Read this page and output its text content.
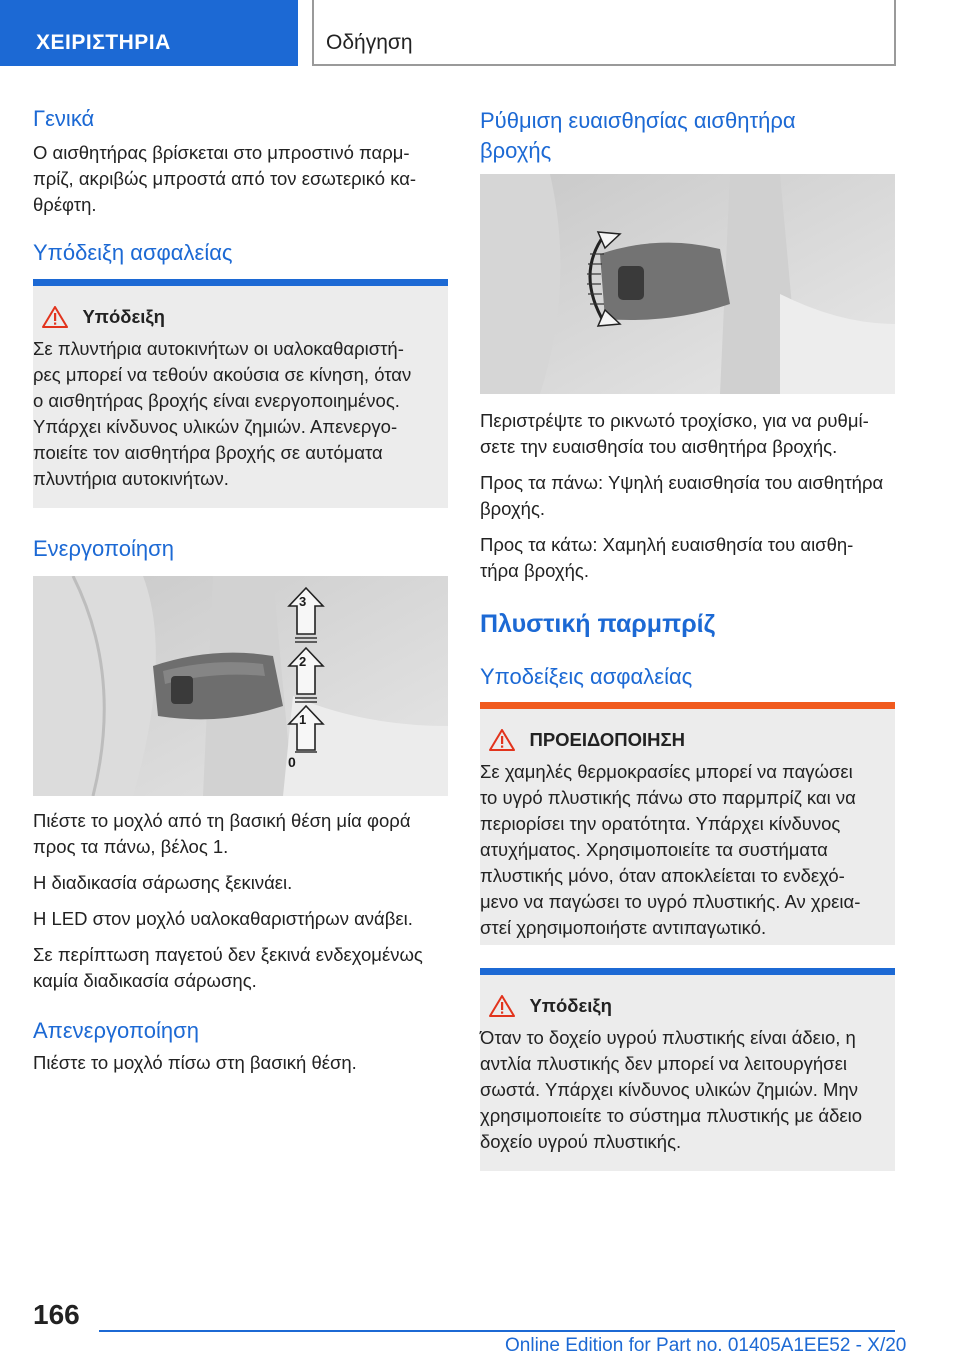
ΧΕΙΡΙΣΤΗΡΙΑ	Οδήγηση
Γενικά
Ο αισθητήρας βρίσκεται στο μπροστινό παρμ-
πρίζ, ακριβώς μπροστά από τον εσωτερικό κα-
θρέφτη.
Υπόδειξη ασφαλείας
Υπόδειξη
Σε πλυντήρια αυτοκινήτων οι υαλοκαθαριστή-
ρες μπορεί να τεθούν ακούσια σε κίνηση, όταν
ο αισθητήρας βροχής είναι ενεργοποιημένος.
Υπάρχει κίνδυνος υλικών ζημιών. Απενεργο-
ποιείτε τον αισθητήρα βροχής σε αυτόματα
πλυντήρια αυτοκινήτων.
Ενεργοποίηση
3
2
1
0
Πιέστε το μοχλό από τη βασική θέση μία φορά
προς τα πάνω, βέλος 1.
Η διαδικασία σάρωσης ξεκινάει.
Η LED στον μοχλό υαλοκαθαριστήρων ανάβει.
Σε περίπτωση παγετού δεν ξεκινά ενδεχομένως
καμία διαδικασία σάρωσης.
Απενεργοποίηση
Πιέστε το μοχλό πίσω στη βασική θέση.
Ρύθμιση ευαισθησίας αισθητήρα
βροχής
Περιστρέψτε το ρικνωτό τροχίσκο, για να ρυθμί-
σετε την ευαισθησία του αισθητήρα βροχής.
Προς τα πάνω: Υψηλή ευαισθησία του αισθητήρα
βροχής.
Προς τα κάτω: Χαμηλή ευαισθησία του αισθη-
τήρα βροχής.
Πλυστική παρμπρίζ
Υποδείξεις ασφαλείας
ΠΡΟΕΙΔΟΠΟΙΗΣΗ
Σε χαμηλές θερμοκρασίες μπορεί να παγώσει
το υγρό πλυστικής πάνω στο παρμπρίζ και να
περιορίσει την ορατότητα. Υπάρχει κίνδυνος
ατυχήματος. Χρησιμοποιείτε τα συστήματα
πλυστικής μόνο, όταν αποκλείεται το ενδεχό-
μενο να παγώσει το υγρό πλυστικής. Αν χρεια-
στεί χρησιμοποιήστε αντιπαγωτικό.
Υπόδειξη
Όταν το δοχείο υγρού πλυστικής είναι άδειο, η
αντλία πλυστικής δεν μπορεί να λειτουργήσει
σωστά. Υπάρχει κίνδυνος υλικών ζημιών. Μην
χρησιμοποιείτε το σύστημα πλυστικής με άδειο
δοχείο υγρού πλυστικής.
166
Online Edition for Part no. 01405A1EE52 - X/20
